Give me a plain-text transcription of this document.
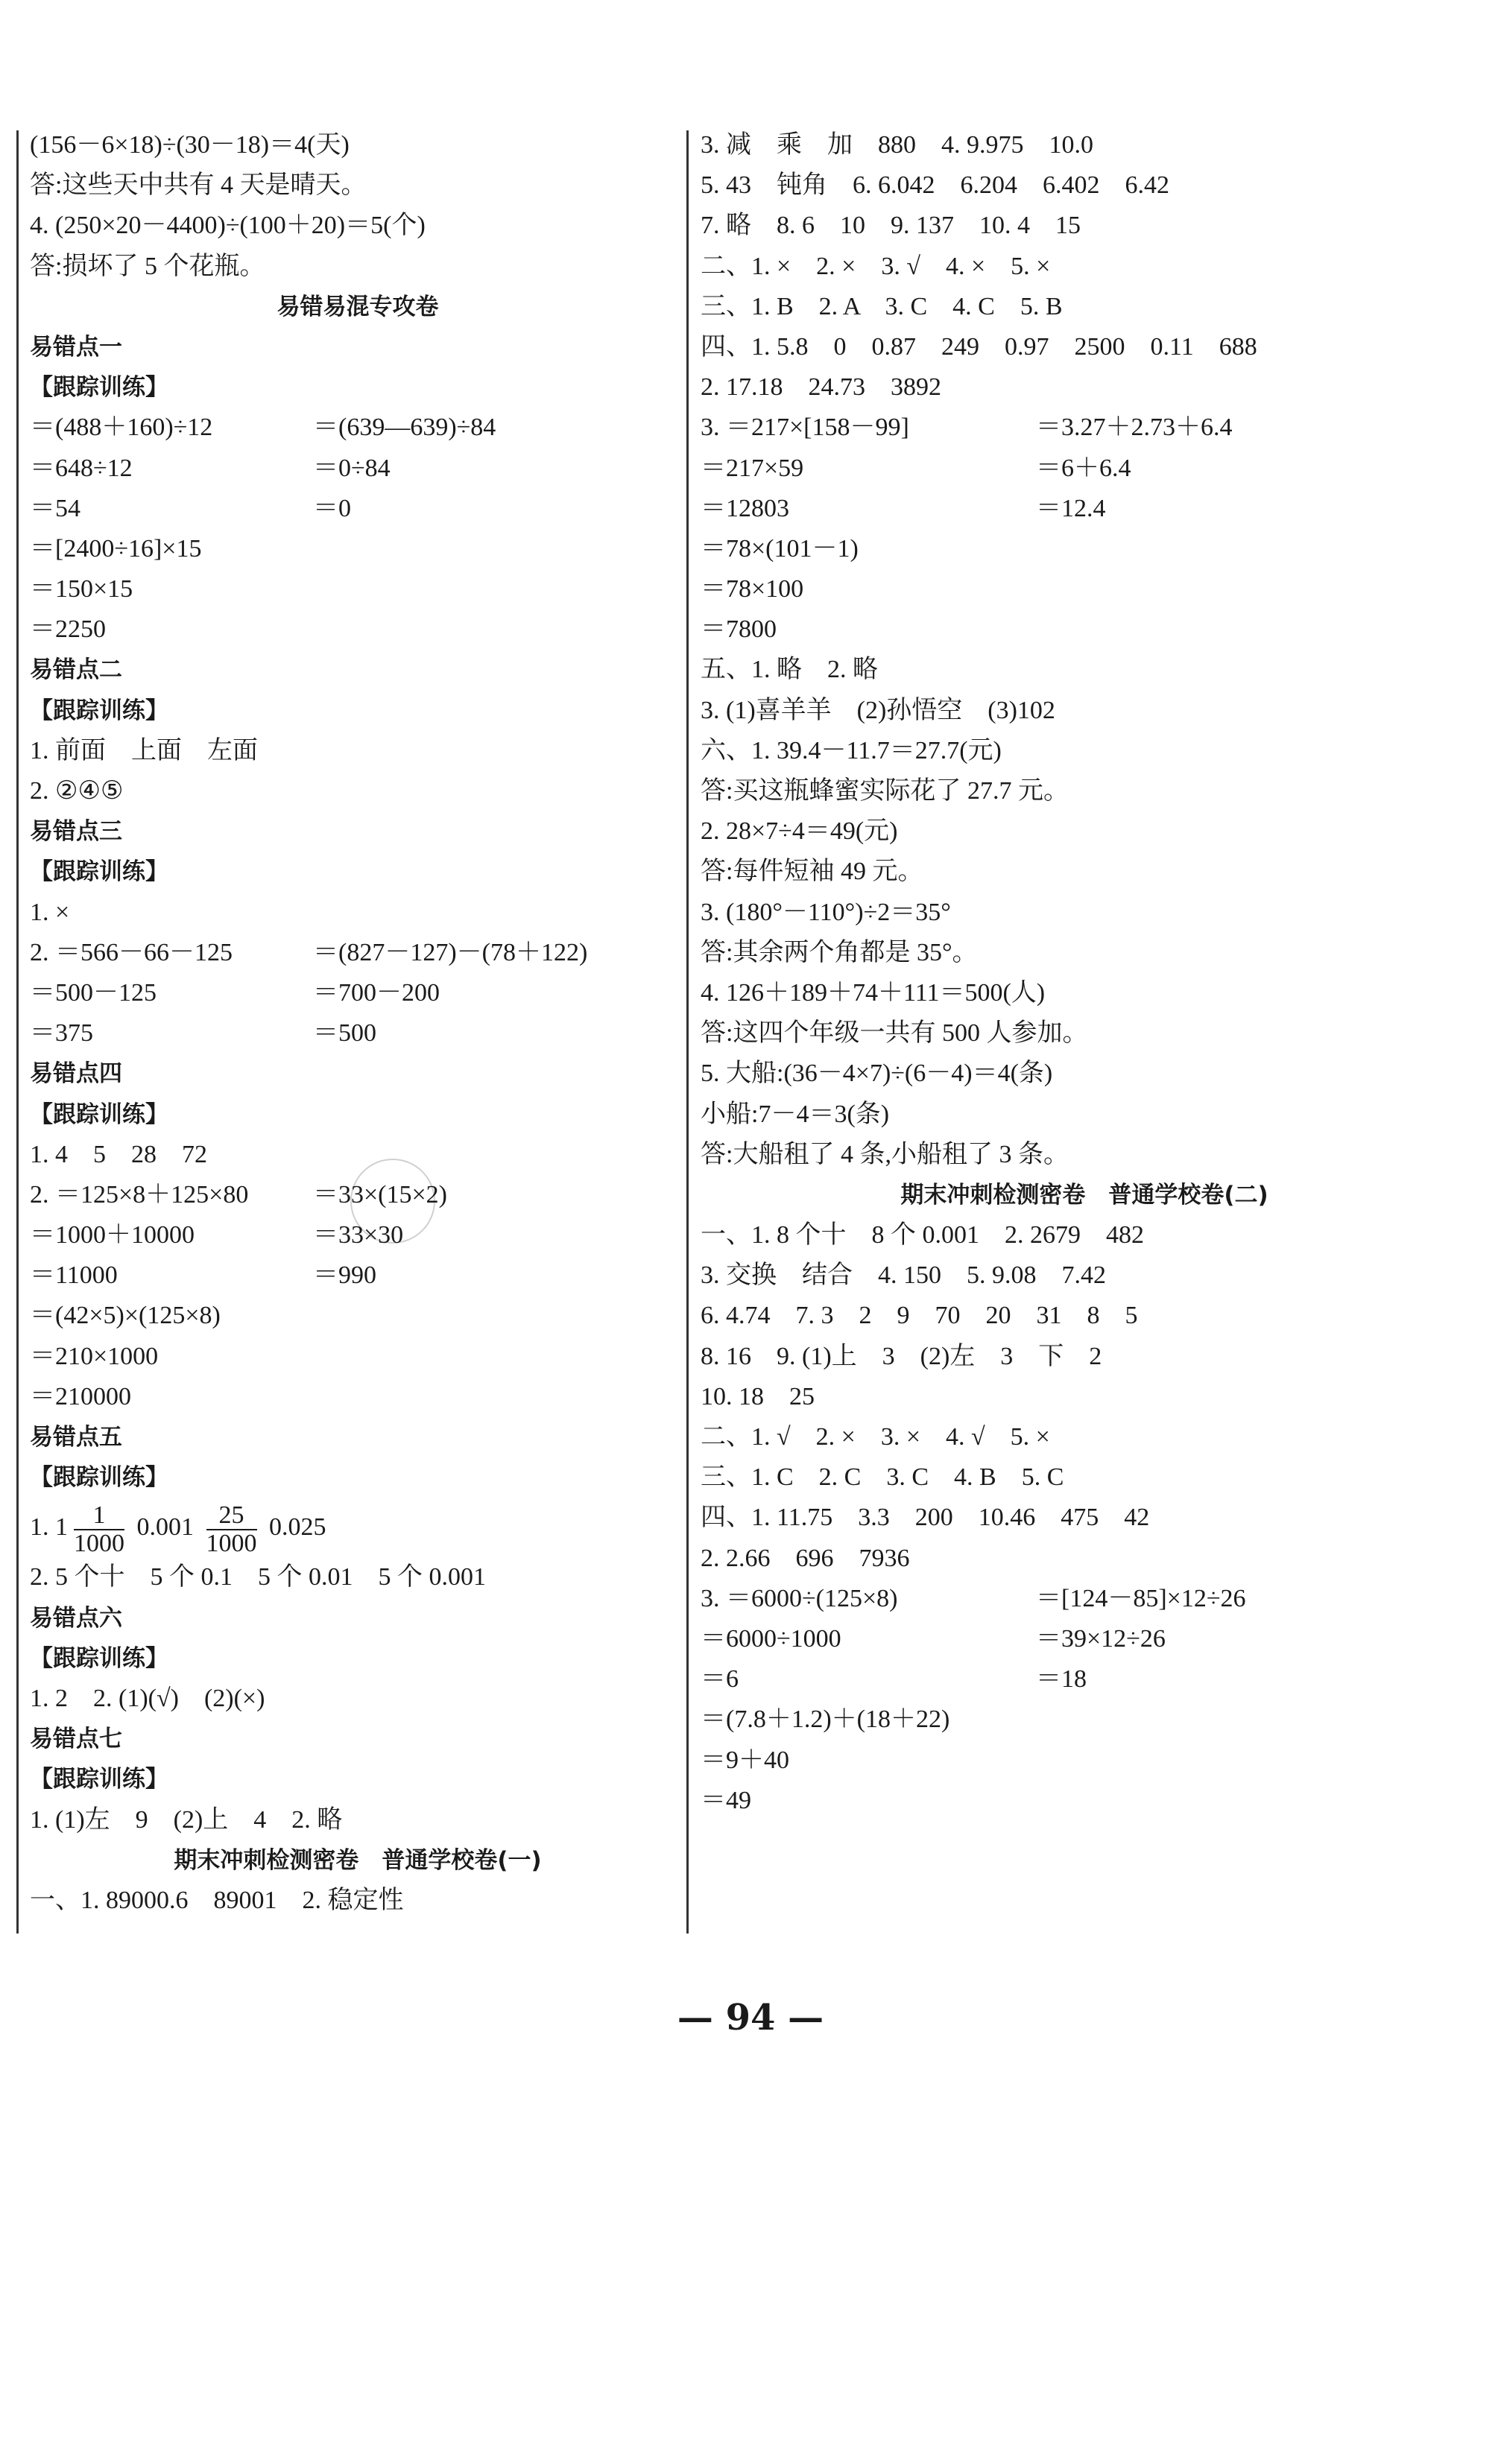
(156－6×18)÷(30－18)＝4(天)
答:这些天中共有 4 天是晴天。
4. (250×20－4400)÷(100＋20)＝5(个)
答:损坏了 5 个花瓶。
易错易混专攻卷
易错点一
【跟踪训练】
＝(488＋160)÷12	＝(639—639)÷84
＝648÷12	＝0÷84
＝54	＝0
＝[2400÷16]×15
＝150×15
＝2250
易错点二
【跟踪训练】
1. 前面　上面　左面
2. ②④⑤
易错点三
【跟踪训练】
1. ×
2. ＝566－66－125	＝(827－127)－(78＋122)
＝500－125	＝700－200
＝375	＝500
易错点四
【跟踪训练】
1. 4　5　28　72
2. ＝125×8＋125×80	＝33×(15×2)
＝1000＋10000	＝33×30
＝11000	＝990
＝(42×5)×(125×8)
＝210×1000
＝210000
易错点五
【跟踪训练】
1. $1 \frac{1}{1000} 0.001 \frac{25}{1000} 0.025$
2. 5 个十　5 个 0.1　5 个 0.01　5 个 0.001
易错点六
【跟踪训练】
1. 2　2. (1)(√)　(2)(×)
易错点七
【跟踪训练】
1. (1)左　9　(2)上　4　2. 略
期末冲刺检测密卷　普通学校卷(一)
一、1. 89000.6　89001　2. 稳定性
3. 减　乘　加　880　4. 9.975　10.0
5. 43　钝角　6. 6.042　6.204　6.402　6.42
7. 略　8. 6　10　9. 137　10. 4　15
二、1. ×　2. ×　3. √　4. ×　5. ×
三、1. B　2. A　3. C　4. C　5. B
四、1. 5.8　0　0.87　249　0.97　2500　0.11　688
2. 17.18　24.73　3892
3. ＝217×[158－99]	＝3.27＋2.73＋6.4
＝217×59	＝6＋6.4
＝12803	＝12.4
＝78×(101－1)
＝78×100
＝7800
五、1. 略　2. 略
3. (1)喜羊羊　(2)孙悟空　(3)102
六、1. 39.4－11.7＝27.7(元)
答:买这瓶蜂蜜实际花了 27.7 元。
2. 28×7÷4＝49(元)
答:每件短袖 49 元。
3. (180°－110°)÷2＝35°
答:其余两个角都是 35°。
4. 126＋189＋74＋111＝500(人)
答:这四个年级一共有 500 人参加。
5. 大船:(36－4×7)÷(6－4)＝4(条)
小船:7－4＝3(条)
答:大船租了 4 条,小船租了 3 条。
期末冲刺检测密卷　普通学校卷(二)
一、1. 8 个十　8 个 0.001　2. 2679　482
3. 交换　结合　4. 150　5. 9.08　7.42
6. 4.74　7. 3　2　9　70　20　31　8　5
8. 16　9. (1)上　3　(2)左　3　下　2
10. 18　25
二、1. √　2. ×　3. ×　4. √　5. ×
三、1. C　2. C　3. C　4. B　5. C
四、1. 11.75　3.3　200　10.46　475　42
2. 2.66　696　7936
3. ＝6000÷(125×8)	＝[124－85]×12÷26
＝6000÷1000	＝39×12÷26
＝6	＝18
＝(7.8＋1.2)＋(18＋22)
＝9＋40
＝49
— 94 —
